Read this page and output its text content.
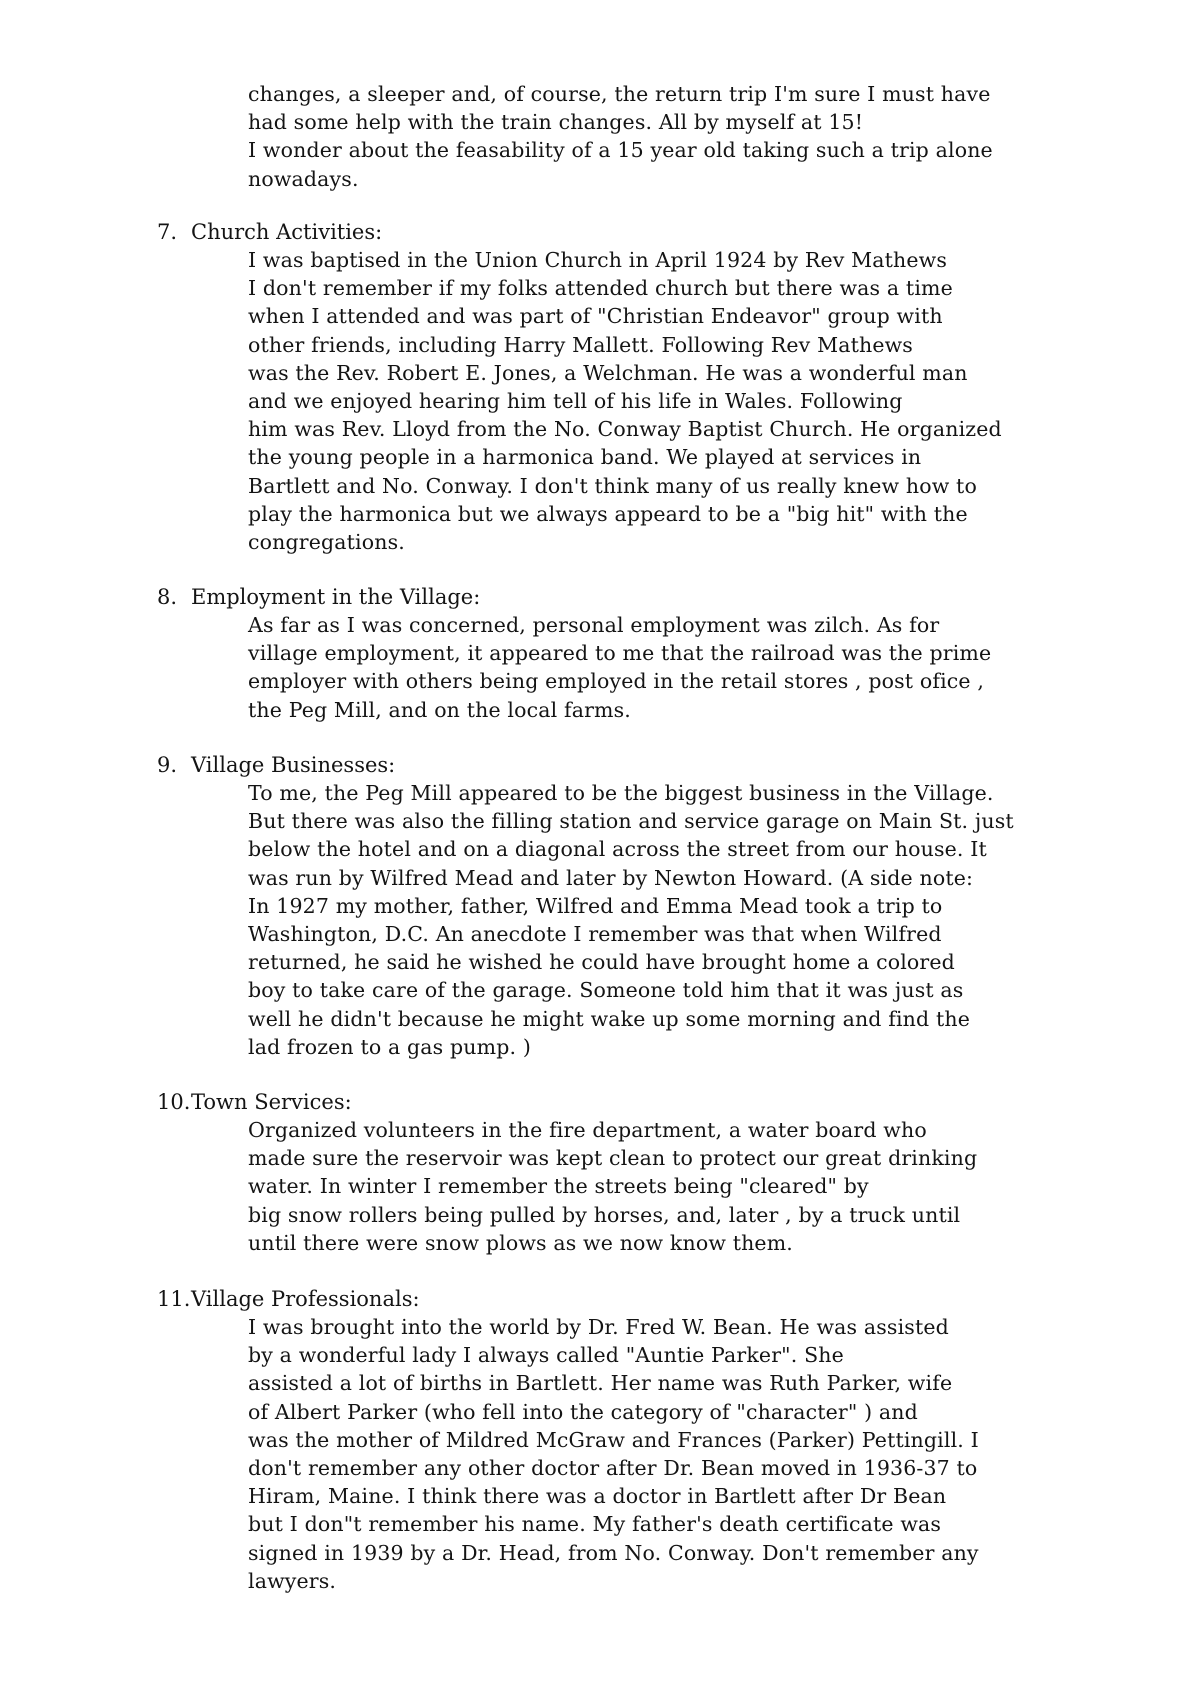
changes, a sleeper and, of course, the return trip I'm sure I must have
had some help with the train changes. All by myself at 15!
I wonder about the feasability of a 15 year old taking such a trip alone
nowadays.
7. Church Activities:
I was baptised in the Union Church in April 1924 by Rev Mathews
I don't remember if my folks attended church but there was a time
when I attended and was part of "Christian Endeavor" group with
other friends, including Harry Mallett. Following Rev Mathews
was the Rev. Robert E. Jones, a Welchman. He was a wonderful man
and we enjoyed hearing him tell of his life in Wales. Following
him was Rev. Lloyd from the No. Conway Baptist Church. He organized
the young people in a harmonica band. We played at services in
Bartlett and No. Conway. I don't think many of us really knew how to
play the harmonica but we always appeard to be a "big hit" with the
congregations.
8. Employment in the Village:
As far as I was concerned, personal employment was zilch. As for
village employment, it appeared to me that the railroad was the prime
employer with others being employed in the retail stores , post ofice ,
the Peg Mill, and on the local farms.
9. Village Businesses:
To me, the Peg Mill appeared to be the biggest business in the Village.
But there was also the filling station and service garage on Main St. just
below the hotel and on a diagonal across the street from our house. It
was run by Wilfred Mead and later by Newton Howard. (A side note:
In 1927 my mother, father, Wilfred and Emma Mead took a trip to
Washington, D.C. An anecdote I remember was that when Wilfred
returned, he said he wished he could have brought home a colored
boy to take care of the garage. Someone told him that it was just as
well he didn't because he might wake up some morning and find the
lad frozen to a gas pump. )
10.Town Services:
Organized volunteers in the fire department, a water board who
made sure the reservoir was kept clean to protect our great drinking
water. In winter I remember the streets being "cleared" by
big snow rollers being pulled by horses, and, later , by a truck until
until there were snow plows as we now know them.
11.Village Professionals:
I was brought into the world by Dr. Fred W. Bean. He was assisted
by a wonderful lady I always called "Auntie Parker". She
assisted a lot of births in Bartlett. Her name was Ruth Parker, wife
of Albert Parker (who fell into the category of "character" ) and
was the mother of Mildred McGraw and Frances (Parker) Pettingill. I
don't remember any other doctor after Dr. Bean moved in 1936-37 to
Hiram, Maine. I think there was a doctor in Bartlett after Dr Bean
but I don"t remember his name. My father's death certificate was
signed in 1939 by a Dr. Head, from No. Conway. Don't remember any
lawyers.
